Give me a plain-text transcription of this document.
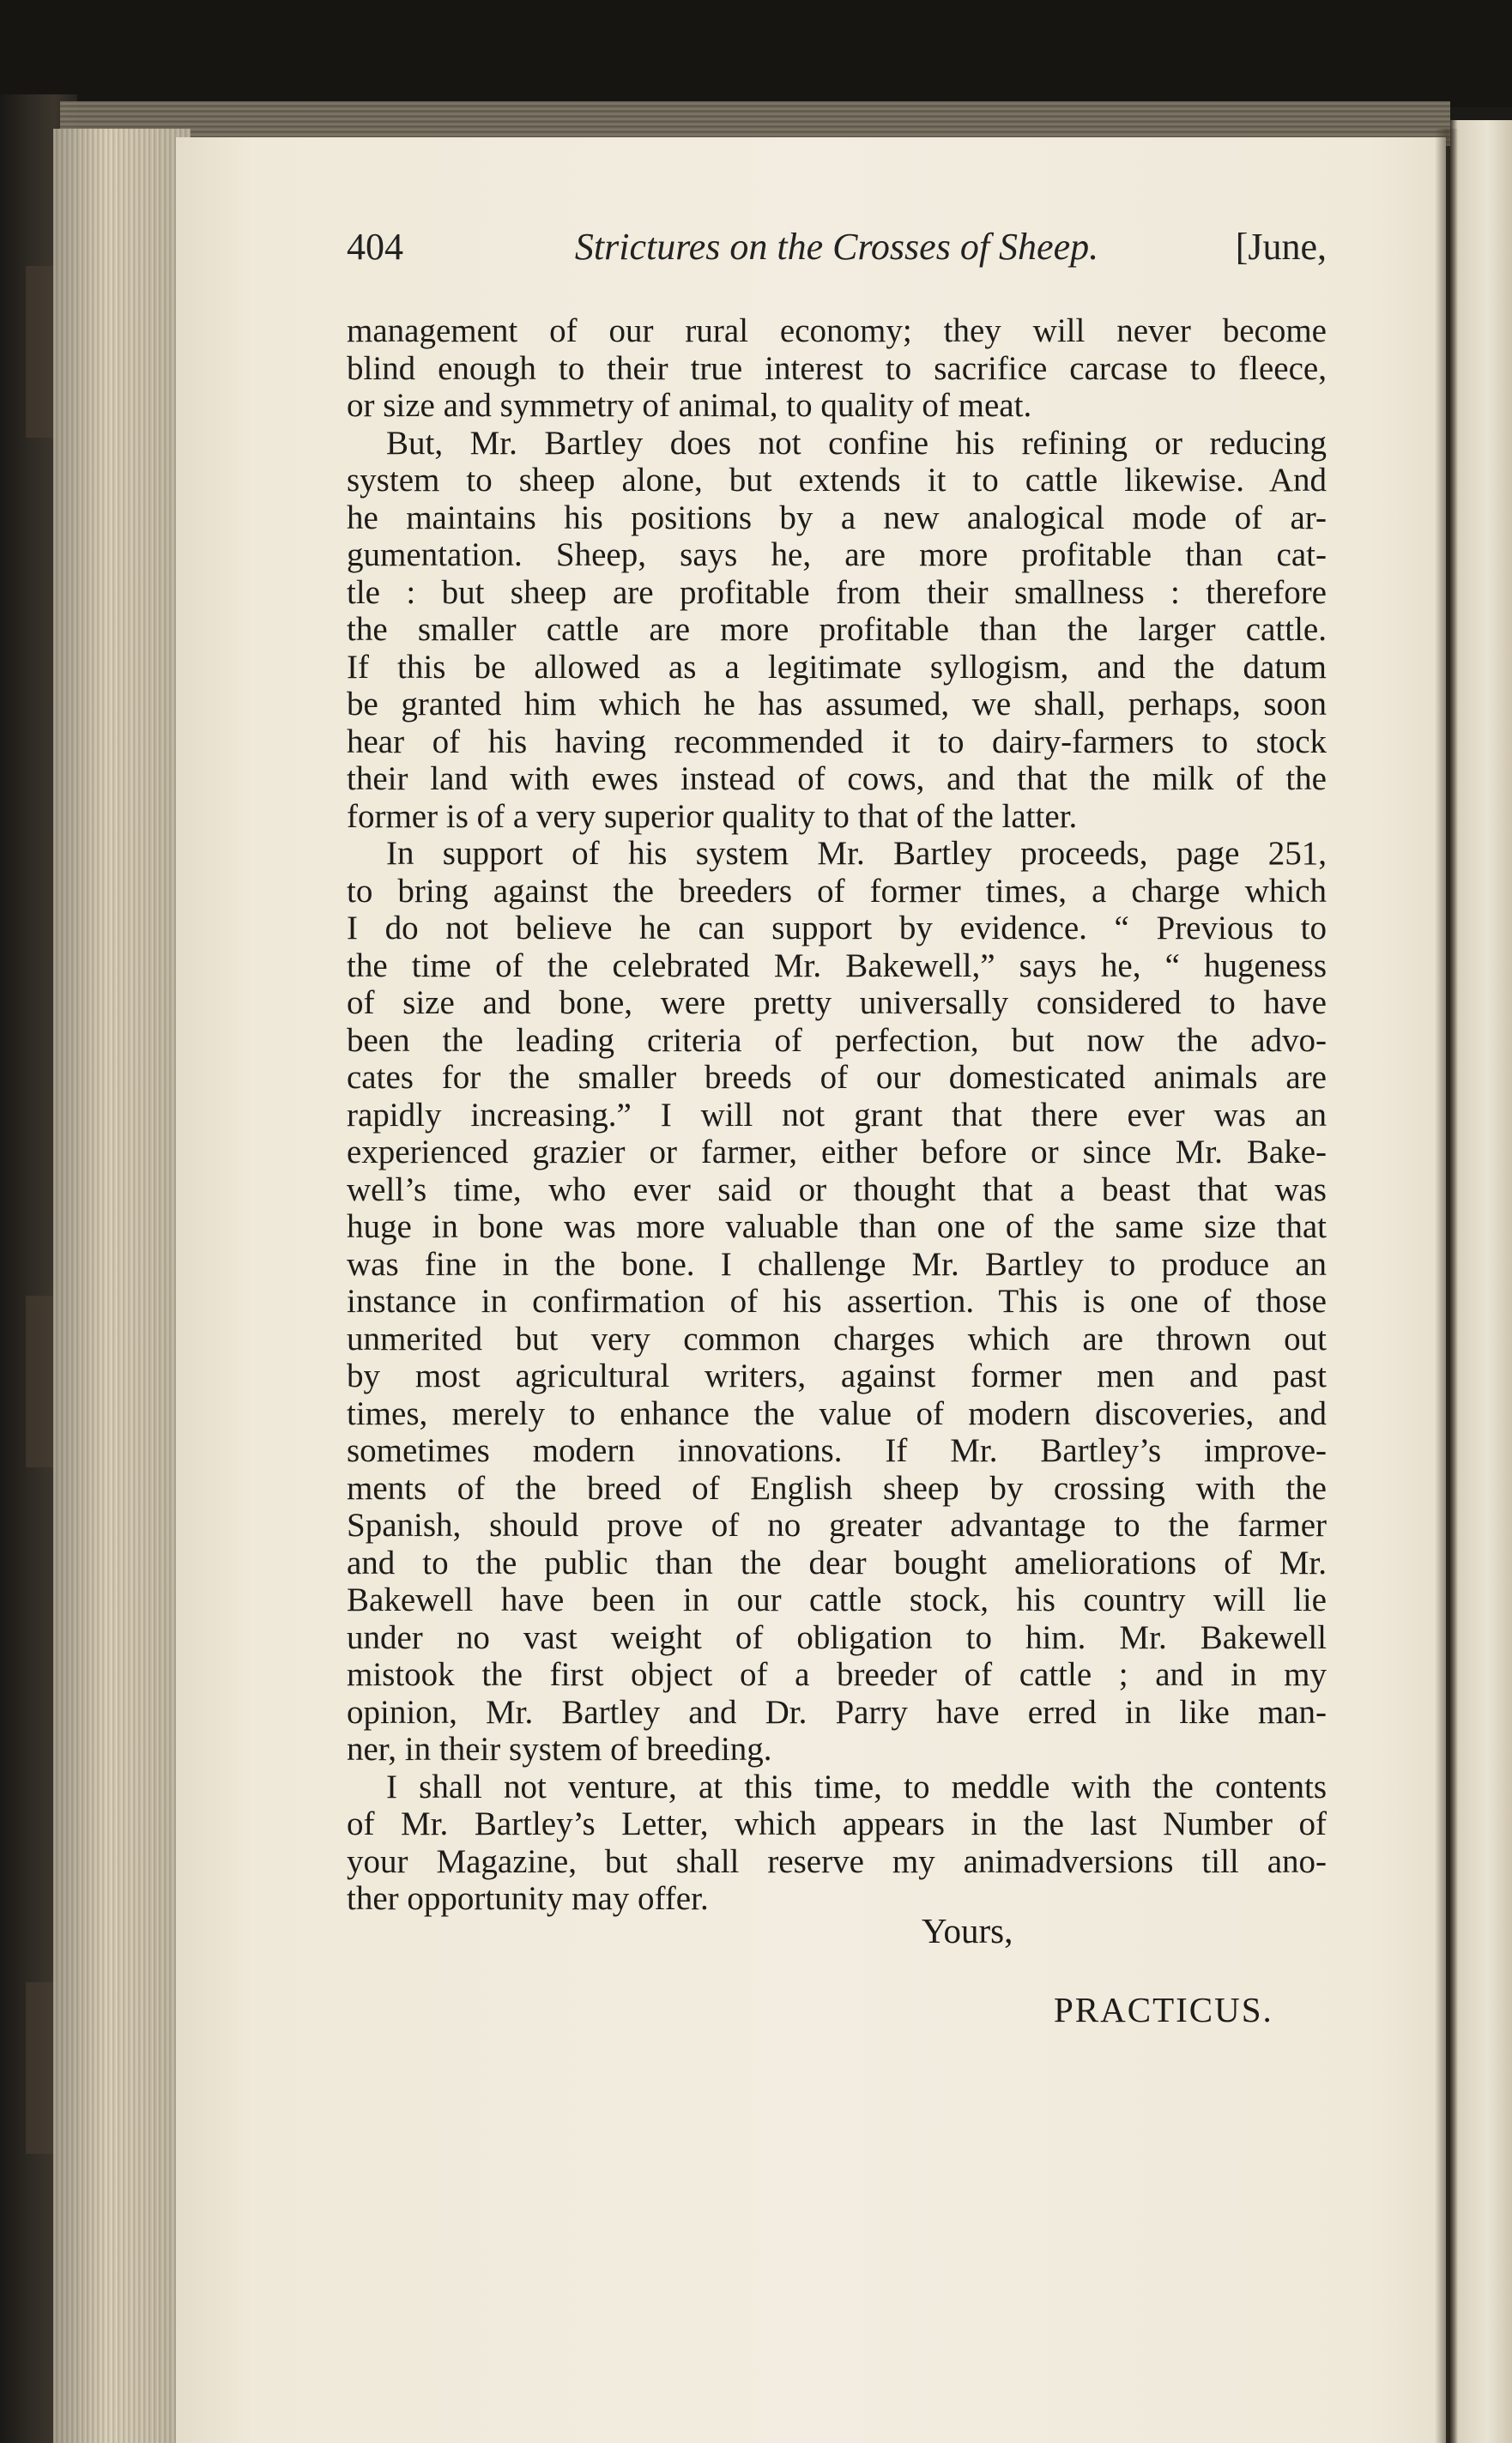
404	Strictures on the Crosses of Sheep.	[June,
management of our rural economy; they will never become
blind enough to their true interest to sacrifice carcase to fleece,
or size and symmetry of animal, to quality of meat.
But, Mr. Bartley does not confine his refining or reducing
system to sheep alone, but extends it to cattle likewise. And
he maintains his positions by a new analogical mode of ar-
gumentation. Sheep, says he, are more profitable than cat-
tle : but sheep are profitable from their smallness : therefore
the smaller cattle are more profitable than the larger cattle.
If this be allowed as a legitimate syllogism, and the datum
be granted him which he has assumed, we shall, perhaps, soon
hear of his having recommended it to dairy-farmers to stock
their land with ewes instead of cows, and that the milk of the
former is of a very superior quality to that of the latter.
In support of his system Mr. Bartley proceeds, page 251,
to bring against the breeders of former times, a charge which
I do not believe he can support by evidence. “ Previous to
the time of the celebrated Mr. Bakewell,” says he, “ hugeness
of size and bone, were pretty universally considered to have
been the leading criteria of perfection, but now the advo-
cates for the smaller breeds of our domesticated animals are
rapidly increasing.” I will not grant that there ever was an
experienced grazier or farmer, either before or since Mr. Bake-
well’s time, who ever said or thought that a beast that was
huge in bone was more valuable than one of the same size that
was fine in the bone. I challenge Mr. Bartley to produce an
instance in confirmation of his assertion. This is one of those
unmerited but very common charges which are thrown out
by most agricultural writers, against former men and past
times, merely to enhance the value of modern discoveries, and
sometimes modern innovations. If Mr. Bartley’s improve-
ments of the breed of English sheep by crossing with the
Spanish, should prove of no greater advantage to the farmer
and to the public than the dear bought ameliorations of Mr.
Bakewell have been in our cattle stock, his country will lie
under no vast weight of obligation to him. Mr. Bakewell
mistook the first object of a breeder of cattle ; and in my
opinion, Mr. Bartley and Dr. Parry have erred in like man-
ner, in their system of breeding.
I shall not venture, at this time, to meddle with the contents
of Mr. Bartley’s Letter, which appears in the last Number of
your Magazine, but shall reserve my animadversions till ano-
ther opportunity may offer.
Yours,
PRACTICUS.
